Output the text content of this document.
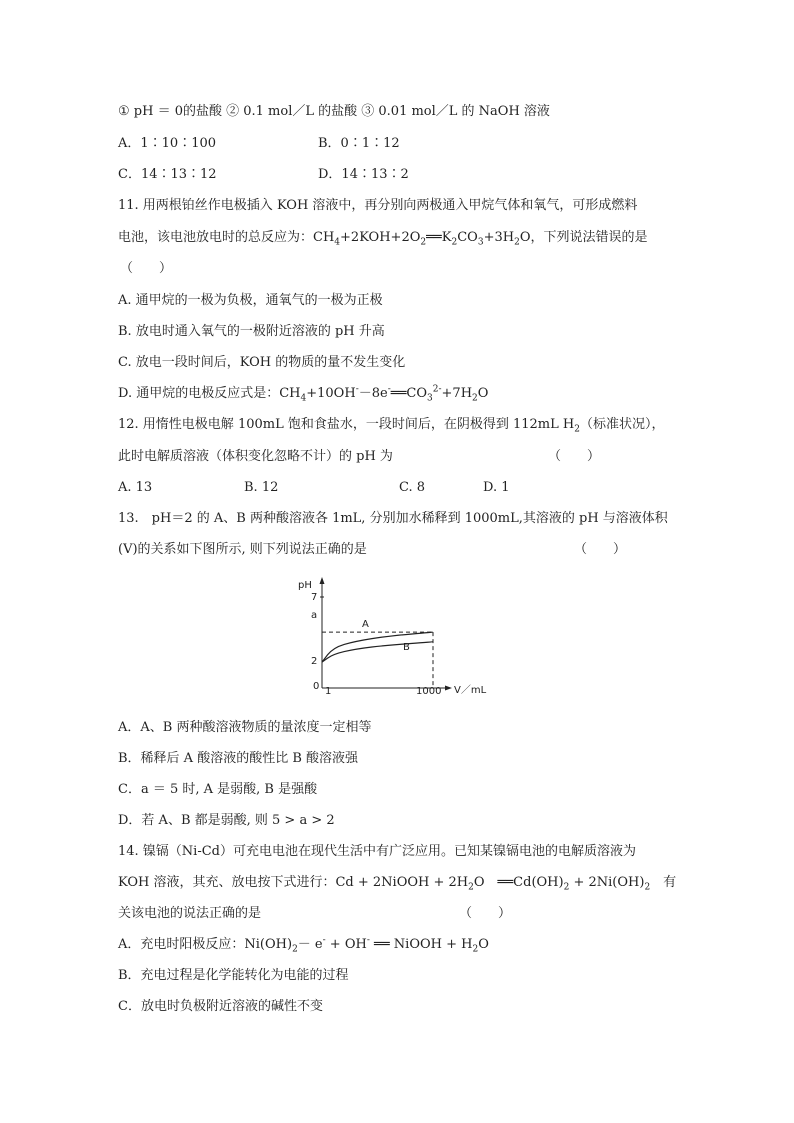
① pH ＝ 0的盐酸 ② 0.1 mol／L 的盐酸 ③ 0.01 mol／L 的 NaOH 溶液
A．1∶10∶100	B．0∶1∶12
C．14∶13∶12	D．14∶13∶2
11. 用两根铂丝作电极插入 KOH 溶液中，再分别向两极通入甲烷气体和氧气，可形成燃料
电池，该电池放电时的总反应为：$CH_4+2KOH+2O_2══K_2CO_3+3H_2O$，下列说法错误的是
（　　）
A. 通甲烷的一极为负极，通氧气的一极为正极
B. 放电时通入氧气的一极附近溶液的 pH 升高
C. 放电一段时间后，KOH 的物质的量不发生变化
D. 通甲烷的电极反应式是：$CH_4+10OH^--8e^-══CO_3^{2-}+7H_2O$
12. 用惰性电极电解 100mL 饱和食盐水，一段时间后，在阴极得到 112mL $H_2$（标准状况），
此时电解质溶液（体积变化忽略不计）的 pH 为	（　　）
A. 13	B. 12	C. 8	D. 1
13.　pH＝2 的 A、B 两种酸溶液各 1mL, 分别加水稀释到 1000mL,其溶液的 pH 与溶液体积
(V)的关系如下图所示, 则下列说法正确的是	（　　）
pH
V／mL
7
a
2
0 1	1000
A
B
A．A、B 两种酸溶液物质的量浓度一定相等
B．稀释后 A 酸溶液的酸性比 B 酸溶液强
C．a ＝ 5 时, A 是弱酸, B 是强酸
D．若 A、B 都是弱酸, 则 5 > a > 2
14. 镍镉（Ni-Cd）可充电电池在现代生活中有广泛应用。已知某镍镉电池的电解质溶液为
KOH 溶液，其充、放电按下式进行：Cd + 2NiOOH + $2H_2O$　$══Cd(OH)_2 + 2Ni(OH)_2$　有
关该电池的说法正确的是	（　　）
A．充电时阳极反应：$Ni(OH)_2- e^- + OH^-$ ══ NiOOH + $H_2O$
B．充电过程是化学能转化为电能的过程
C．放电时负极附近溶液的碱性不变
